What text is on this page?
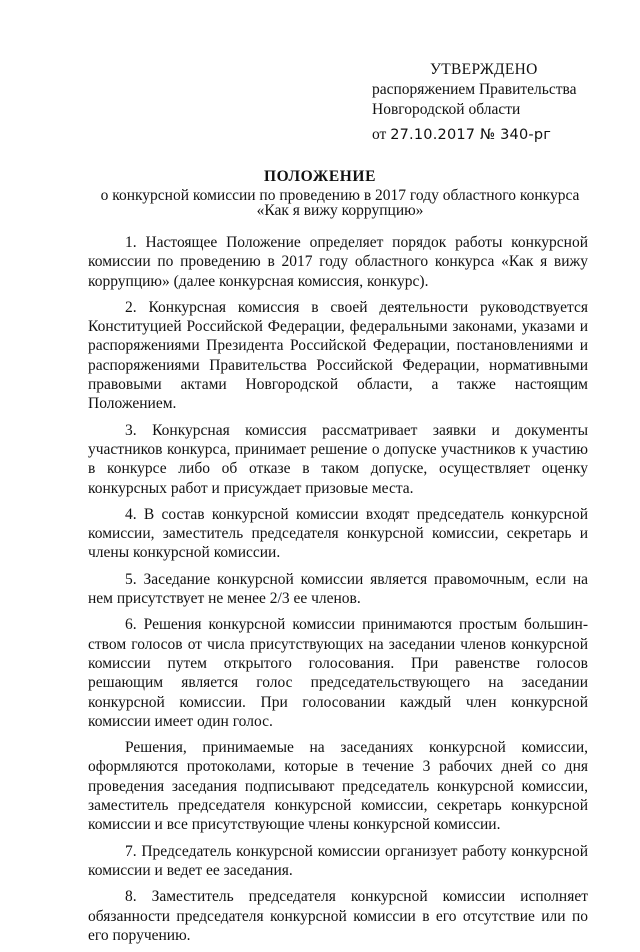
УТВЕРЖДЕНО
распоряжением Правительства
Новгородской области
от 27.10.2017 № 340-рг
ПОЛОЖЕНИЕ
о конкурсной комиссии по проведению в 2017 году областного конкурса
«Как я вижу коррупцию»

1. Настоящее Положение определяет порядок работы конкурсной комиссии по проведению в 2017 году областного конкурса «Как я вижу коррупцию» (далее конкурсная комиссия, конкурс).

2. Конкурсная комиссия в своей деятельности руководствуется Конституцией Российской Федерации, федеральными законами, указами и распоряжениями Президента Российской Федерации, постановлениями и распоряжениями Правительства Российской Федерации, нормативными правовыми актами Новгородской области, а также настоящим Положением.

3. Конкурсная комиссия рассматривает заявки и документы участников конкурса, принимает решение о допуске участников к участию в конкурсе либо об отказе в таком допуске, осуществляет оценку конкурсных работ и присуждает призовые места.

4. В состав конкурсной комиссии входят председатель конкурсной комиссии, заместитель председателя конкурсной комиссии, секретарь и члены конкурсной комиссии.

5. Заседание конкурсной комиссии является правомочным, если на нем присутствует не менее 2/3 ее членов.

6. Решения конкурсной комиссии принимаются простым большинством голосов от числа присутствующих на заседании членов конкурсной комиссии путем открытого голосования. При равенстве голосов решающим является голос председательствующего на заседании конкурсной комиссии. При голосовании каждый член конкурсной комиссии имеет один голос.

Решения, принимаемые на заседаниях конкурсной комиссии, оформляются протоколами, которые в течение 3 рабочих дней со дня проведения заседания подписывают председатель конкурсной комиссии, заместитель председателя конкурсной комиссии, секретарь конкурсной комиссии и все присутствующие члены конкурсной комиссии.

7. Председатель конкурсной комиссии организует работу конкурсной комиссии и ведет ее заседания.

8. Заместитель председателя конкурсной комиссии исполняет обязанности председателя конкурсной комиссии в его отсутствие или по его поручению.
